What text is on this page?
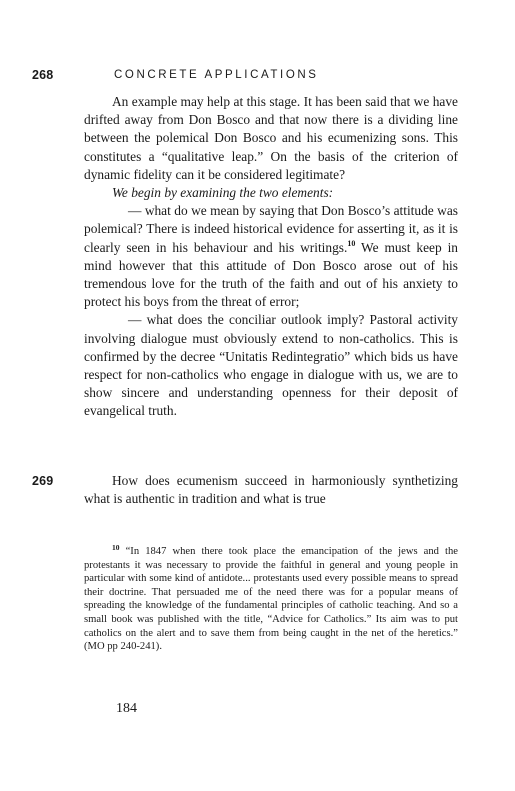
268	CONCRETE APPLICATIONS

An example may help at this stage. It has been said that we have drifted away from Don Bosco and that now there is a dividing line between the polemical Don Bosco and his ecumenizing sons. This constitutes a “qualitative leap.” On the basis of the criterion of dynamic fidelity can it be considered legitimate?

We begin by examining the two elements:

— what do we mean by saying that Don Bosco’s attitude was polemical? There is indeed historical evidence for asserting it, as it is clearly seen in his behaviour and his writings.$^{10}$ We must keep in mind however that this attitude of Don Bosco arose out of his tremendous love for the truth of the faith and out of his anxiety to protect his boys from the threat of error;

— what does the conciliar outlook imply? Pastoral activity involving dialogue must obviously extend to non-catholics. This is confirmed by the decree “Unitatis Redintegratio” which bids us have respect for non-catholics who engage in dialogue with us, we are to show sincere and understanding openness for their deposit of evangelical truth.

269	How does ecumenism succeed in harmoniously synthetizing what is authentic in tradition and what is true

$^{10}$ “In 1847 when there took place the emancipation of the jews and the protestants it was necessary to provide the faithful in general and young people in particular with some kind of antidote... protestants used every possible means to spread their doctrine. That persuaded me of the need there was for a popular means of spreading the knowledge of the fundamental principles of catholic teaching. And so a small book was published with the title, “Advice for Catholics.” Its aim was to put catholics on the alert and to save them from being caught in the net of the heretics.” (MO pp 240-241).

184
